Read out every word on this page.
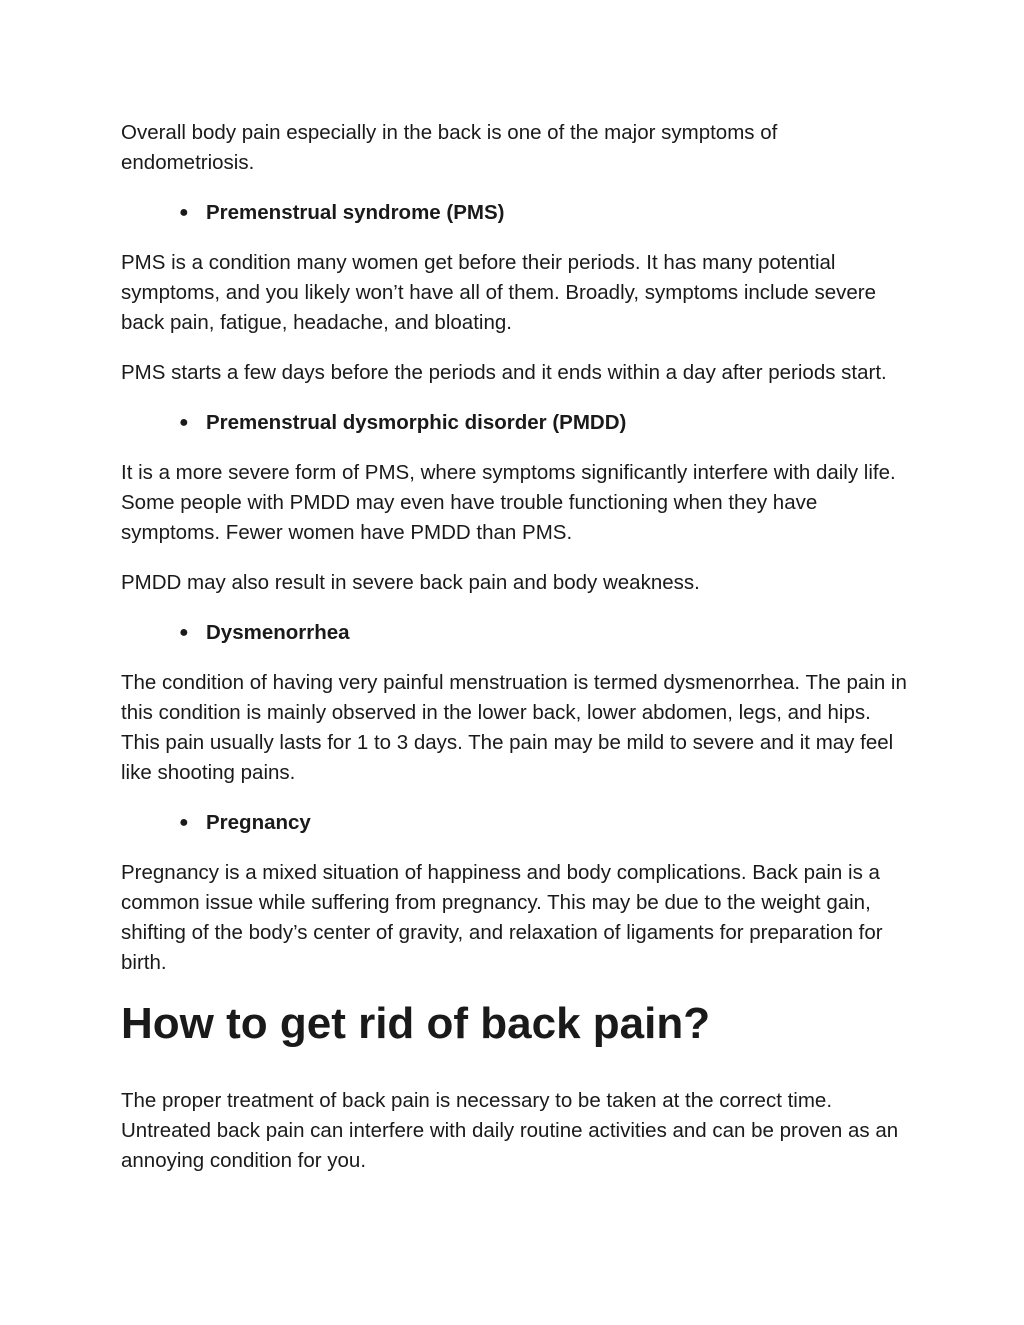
Overall body pain especially in the back is one of the major symptoms of endometriosis.

● Premenstrual syndrome (PMS)

PMS is a condition many women get before their periods. It has many potential symptoms, and you likely won’t have all of them. Broadly, symptoms include severe back pain, fatigue, headache, and bloating.

PMS starts a few days before the periods and it ends within a day after periods start.

● Premenstrual dysmorphic disorder (PMDD)

It is a more severe form of PMS, where symptoms significantly interfere with daily life. Some people with PMDD may even have trouble functioning when they have symptoms. Fewer women have PMDD than PMS.

PMDD may also result in severe back pain and body weakness.

● Dysmenorrhea

The condition of having very painful menstruation is termed dysmenorrhea. The pain in this condition is mainly observed in the lower back, lower abdomen, legs, and hips. This pain usually lasts for 1 to 3 days. The pain may be mild to severe and it may feel like shooting pains.

● Pregnancy

Pregnancy is a mixed situation of happiness and body complications. Back pain is a common issue while suffering from pregnancy. This may be due to the weight gain, shifting of the body’s center of gravity, and relaxation of ligaments for preparation for birth.

How to get rid of back pain?

The proper treatment of back pain is necessary to be taken at the correct time. Untreated back pain can interfere with daily routine activities and can be proven as an annoying condition for you.
